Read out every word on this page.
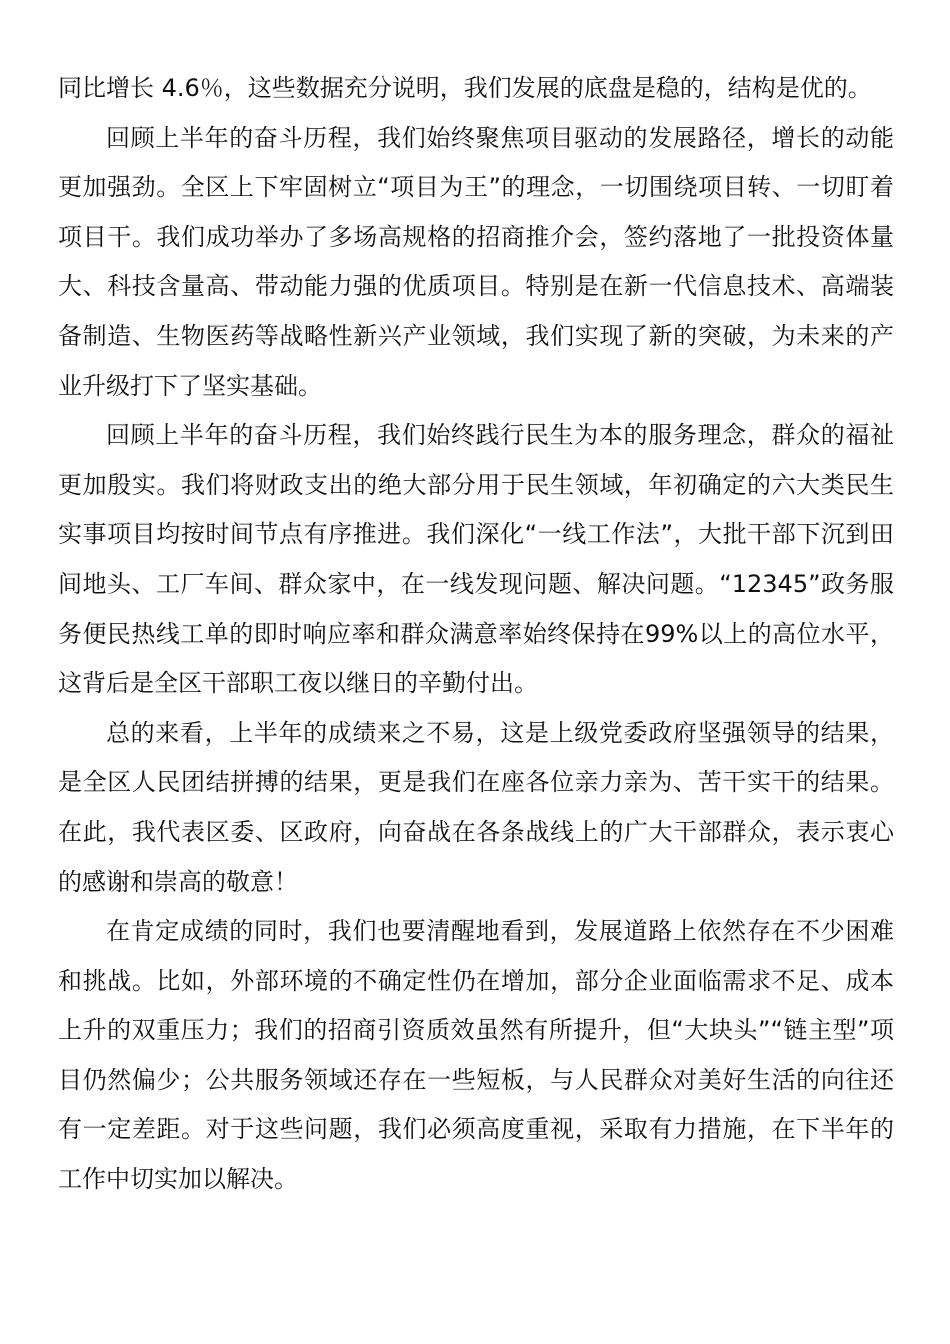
同比增长 4.6％，这些数据充分说明，我们发展的底盘是稳的，结构是优的。

回顾上半年的奋斗历程，我们始终聚焦项目驱动的发展路径，增长的动能更加强劲。全区上下牢固树立“项目为王”的理念，一切围绕项目转、一切盯着项目干。我们成功举办了多场高规格的招商推介会，签约落地了一批投资体量大、科技含量高、带动能力强的优质项目。特别是在新一代信息技术、高端装备制造、生物医药等战略性新兴产业领域，我们实现了新的突破，为未来的产业升级打下了坚实基础。

回顾上半年的奋斗历程，我们始终践行民生为本的服务理念，群众的福祉更加殷实。我们将财政支出的绝大部分用于民生领域，年初确定的六大类民生实事项目均按时间节点有序推进。我们深化“一线工作法”，大批干部下沉到田间地头、工厂车间、群众家中，在一线发现问题、解决问题。“12345”政务服务便民热线工单的即时响应率和群众满意率始终保持在99%以上的高位水平，这背后是全区干部职工夜以继日的辛勤付出。

总的来看，上半年的成绩来之不易，这是上级党委政府坚强领导的结果，是全区人民团结拼搏的结果，更是我们在座各位亲力亲为、苦干实干的结果。在此，我代表区委、区政府，向奋战在各条战线上的广大干部群众，表示衷心的感谢和崇高的敬意！

在肯定成绩的同时，我们也要清醒地看到，发展道路上依然存在不少困难和挑战。比如，外部环境的不确定性仍在增加，部分企业面临需求不足、成本上升的双重压力；我们的招商引资质效虽然有所提升，但“大块头”“链主型”项目仍然偏少；公共服务领域还存在一些短板，与人民群众对美好生活的向往还有一定差距。对于这些问题，我们必须高度重视，采取有力措施，在下半年的工作中切实加以解决。
